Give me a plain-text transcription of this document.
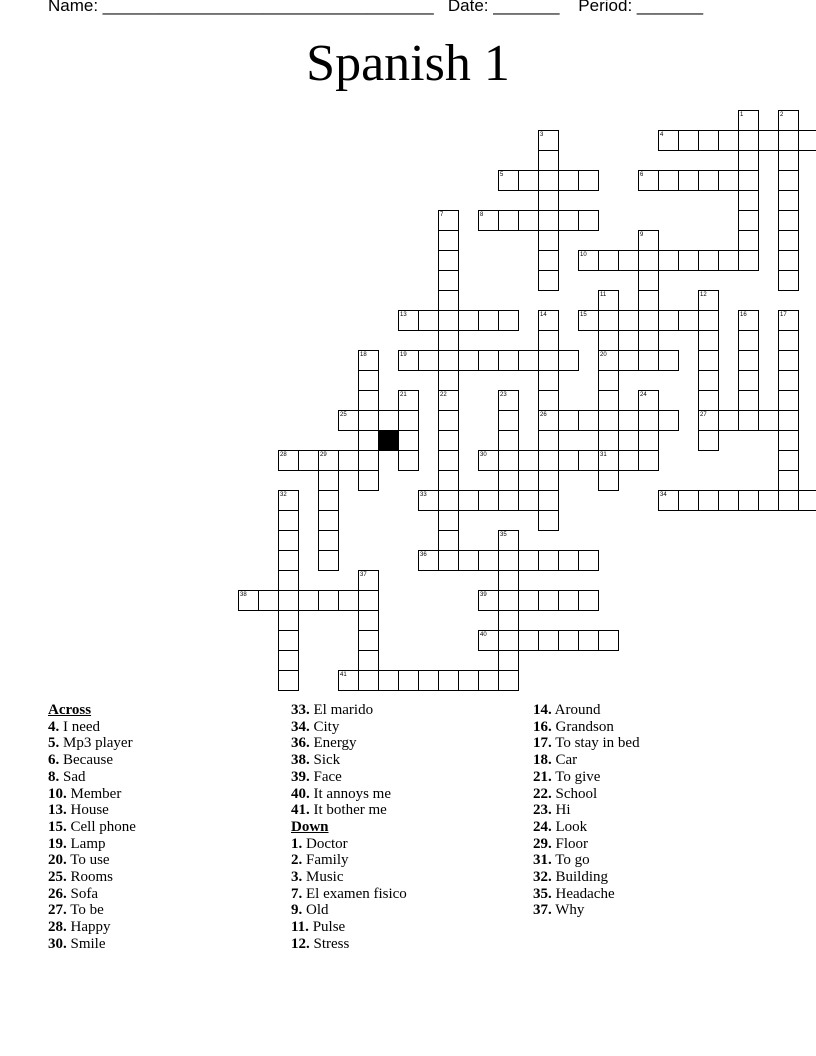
Name: ___________________________________   Date: _______    Period: _______
Spanish 1
4
5	6
8
10
13	15
19	20
25	26	27
28	29	30	31
33	34
36
38	39
40
41
1	2
3
7
22
9
11	12
14	16	17
18
21	23	24
32
35
37
Across
4. I need
5. Mp3 player
6. Because
8. Sad
10. Member
13. House
15. Cell phone
19. Lamp
20. To use
25. Rooms
26. Sofa
27. To be
28. Happy
30. Smile
33. El marido
34. City
36. Energy
38. Sick
39. Face
40. It annoys me
41. It bother me
Down
1. Doctor
2. Family
3. Music
7. El examen fisico
9. Old
11. Pulse
12. Stress
14. Around
16. Grandson
17. To stay in bed
18. Car
21. To give
22. School
23. Hi
24. Look
29. Floor
31. To go
32. Building
35. Headache
37. Why
